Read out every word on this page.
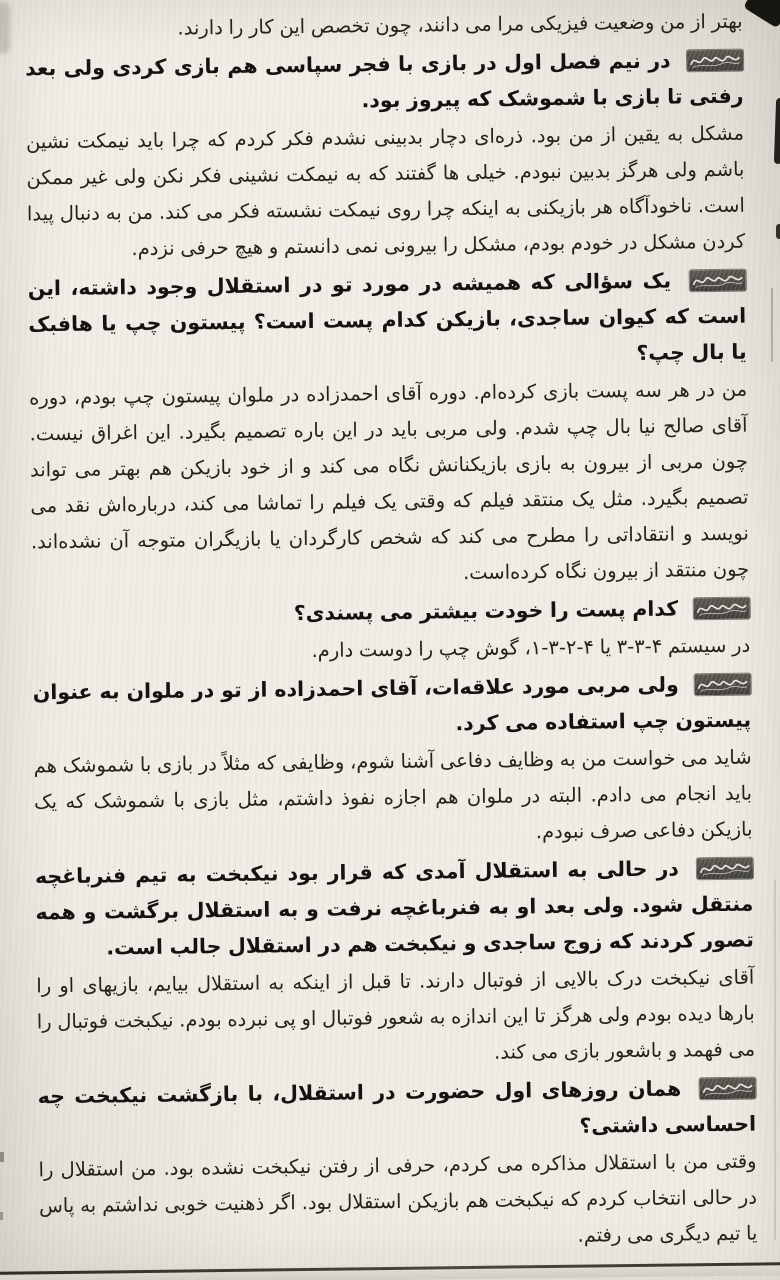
بهتر از من وضعیت فیزیکی مرا می دانند، چون تخصص این کار را دارند.

در نیم فصل اول در بازی با فجر سپاسی هم بازی کردی ولی بعد رفتی تا بازی با شموشک که پیروز بود.

مشکل به یقین از من بود. ذره‌ای دچار بدبینی نشدم فکر کردم که چرا باید نیمکت نشین باشم ولی هرگز بدبین نبودم. خیلی ها گفتند که به نیمکت نشینی فکر نکن ولی غیر ممکن است. ناخودآگاه هر بازیکنی به اینکه چرا روی نیمکت نشسته فکر می کند. من به دنبال پیدا کردن مشکل در خودم بودم، مشکل را بیرونی نمی دانستم و هیچ حرفی نزدم.

یک سؤالی که همیشه در مورد تو در استقلال وجود داشته، این است که کیوان ساجدی، بازیکن کدام پست است؟ پیستون چپ یا هافبک یا بال چپ؟

من در هر سه پست بازی کرده‌ام. دوره آقای احمدزاده در ملوان پیستون چپ بودم، دوره آقای صالح نیا بال چپ شدم. ولی مربی باید در این باره تصمیم بگیرد. این اغراق نیست. چون مربی از بیرون به بازی بازیکنانش نگاه می کند و از خود بازیکن هم بهتر می تواند تصمیم بگیرد. مثل یک منتقد فیلم که وقتی یک فیلم را تماشا می کند، درباره‌اش نقد می نویسد و انتقاداتی را مطرح می کند که شخص کارگردان یا بازیگران متوجه آن نشده‌اند. چون منتقد از بیرون نگاه کرده‌است.

کدام پست را خودت بیشتر می پسندی؟

در سیستم ۴-۳-۳ یا ۴-۲-۳-۱، گوش چپ را دوست دارم.

ولی مربی مورد علاقه‌ات، آقای احمدزاده از تو در ملوان به عنوان پیستون چپ استفاده می کرد.

شاید می خواست من به وظایف دفاعی آشنا شوم، وظایفی که مثلاً در بازی با شموشک هم باید انجام می دادم. البته در ملوان هم اجازه نفوذ داشتم، مثل بازی با شموشک که یک بازیکن دفاعی صرف نبودم.

در حالی به استقلال آمدی که قرار بود نیکبخت به تیم فنرباغچه منتقل شود. ولی بعد او به فنرباغچه نرفت و به استقلال برگشت و همه تصور کردند که زوج ساجدی و نیکبخت هم در استقلال جالب است.

آقای نیکبخت درک بالایی از فوتبال دارند. تا قبل از اینکه به استقلال بیایم، بازیهای او را بارها دیده بودم ولی هرگز تا این اندازه به شعور فوتبال او پی نبرده بودم. نیکبخت فوتبال را می فهمد و باشعور بازی می کند.

همان روزهای اول حضورت در استقلال، با بازگشت نیکبخت چه احساسی داشتی؟

وقتی من با استقلال مذاکره می کردم، حرفی از رفتن نیکبخت نشده بود. من استقلال را در حالی انتخاب کردم که نیکبخت هم بازیکن استقلال بود. اگر ذهنیت خوبی نداشتم به پاس یا تیم دیگری می رفتم.
